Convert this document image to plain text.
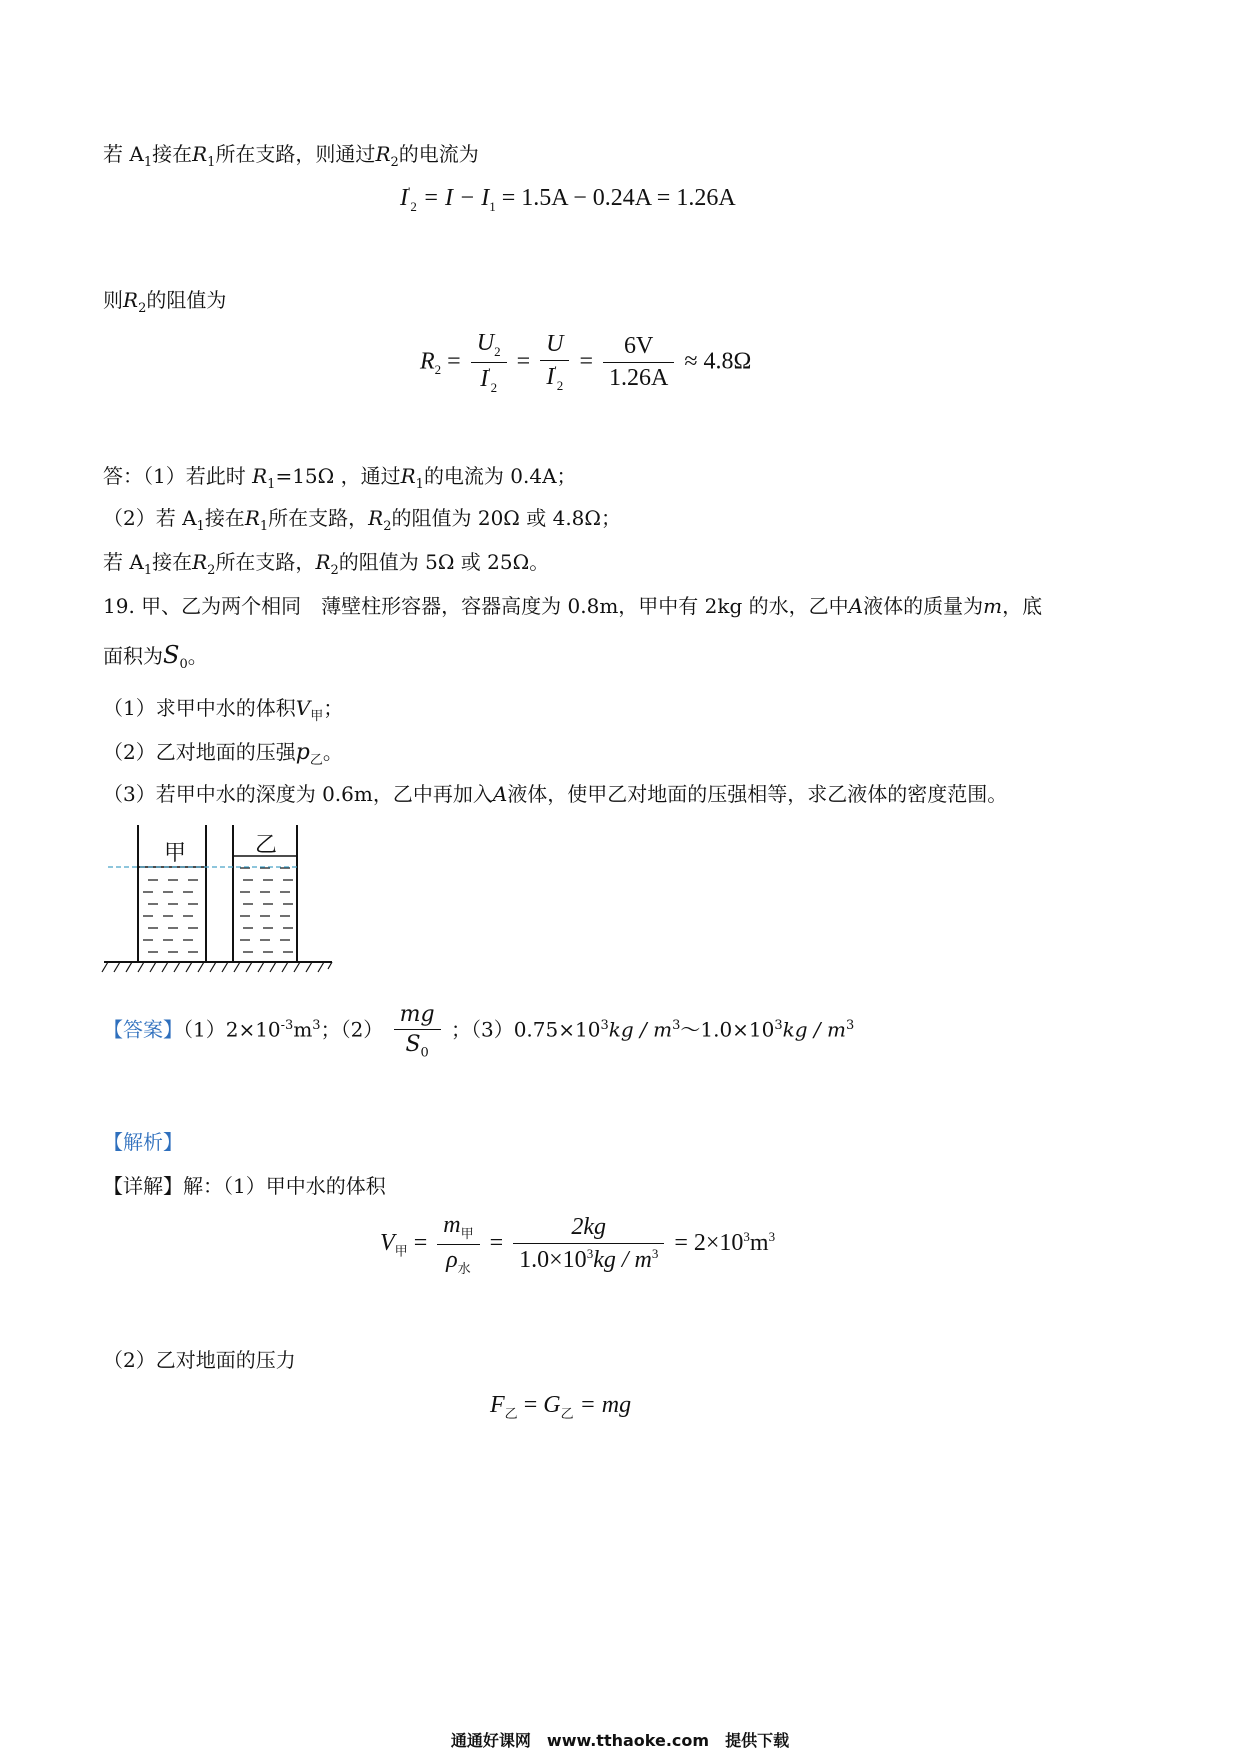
若 $A_1$接在$R_1$所在支路，则通过$R_2$的电流为
$I'_2 = I - I_1 = 1.5A - 0.24A = 1.26A$
则$R_2$的阻值为
$R_2 = \frac{U_2}{I'_2} = \frac{U}{I'_2} = \frac{6V}{1.26A} \approx 4.8\Omega$
答：（1）若此时 $R_1=15\Omega$ ，通过$R_1$的电流为 0.4A；
（2）若 $A_1$接在$R_1$所在支路，$R_2$的阻值为 20Ω 或 4.8Ω；
若 $A_1$接在$R_2$所在支路，$R_2$的阻值为 5Ω 或 25Ω。
19. 甲、乙为两个相同　薄壁柱形容器，容器高度为 0.8m，甲中有 2kg 的水，乙中A液体的质量为m，底
面积为$S_0$。
（1）求甲中水的体积$V_甲$；
（2）乙对地面的压强$p_乙$。
（3）若甲中水的深度为 0.6m，乙中再加入A液体，使甲乙对地面的压强相等，求乙液体的密度范围。
甲	乙
【答案】$(1)2\times 10^{-3}m^3$；$(2) \frac{mg}{S_0}$ ；$(3)0.75\times 10^3kg$ / $m^3\sim 1.0\times 10^3kg / m^3$
【解析】
【详解】解：（1）甲中水的体积
$V_甲 = \frac{m_甲}{\rho_水} = \frac{2kg}{1.0\times 10^3kg / m^3} = 2\times 10^3m^3$
（2）乙对地面的压力
$F_乙 = G_乙$ = mg
通通好课网　www.tthaoke.com　提供下载
